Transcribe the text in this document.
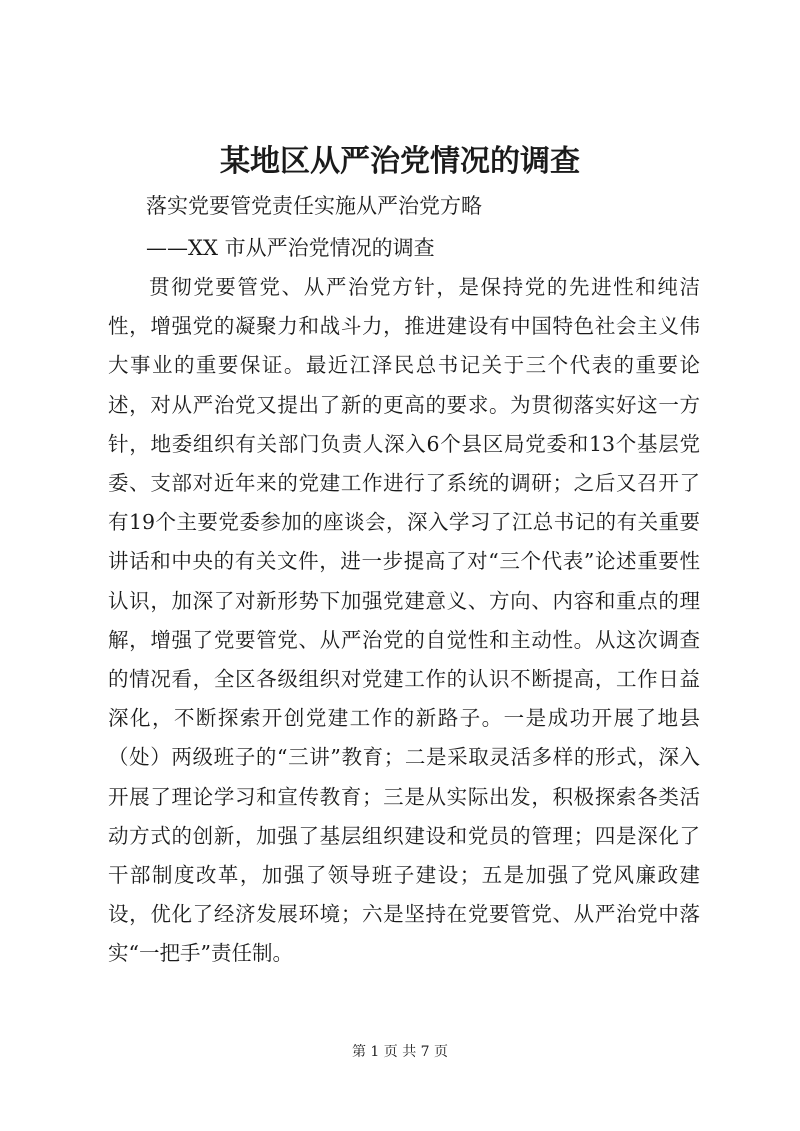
某地区从严治党情况的调查

落实党要管党责任实施从严治党方略

——XX 市从严治党情况的调查

贯彻党要管党、从严治党方针，是保持党的先进性和纯洁性，增强党的凝聚力和战斗力，推进建设有中国特色社会主义伟大事业的重要保证。最近江泽民总书记关于三个代表的重要论述，对从严治党又提出了新的更高的要求。为贯彻落实好这一方针，地委组织有关部门负责人深入6个县区局党委和13个基层党委、支部对近年来的党建工作进行了系统的调研；之后又召开了有19个主要党委参加的座谈会，深入学习了江总书记的有关重要讲话和中央的有关文件，进一步提高了对“三个代表”论述重要性认识，加深了对新形势下加强党建意义、方向、内容和重点的理解，增强了党要管党、从严治党的自觉性和主动性。从这次调查的情况看，全区各级组织对党建工作的认识不断提高，工作日益深化，不断探索开创党建工作的新路子。一是成功开展了地县（处）两级班子的“三讲”教育；二是采取灵活多样的形式，深入开展了理论学习和宣传教育；三是从实际出发，积极探索各类活动方式的创新，加强了基层组织建设和党员的管理；四是深化了干部制度改革，加强了领导班子建设；五是加强了党风廉政建设，优化了经济发展环境；六是坚持在党要管党、从严治党中落实“一把手”责任制。

第 1 页 共 7 页
